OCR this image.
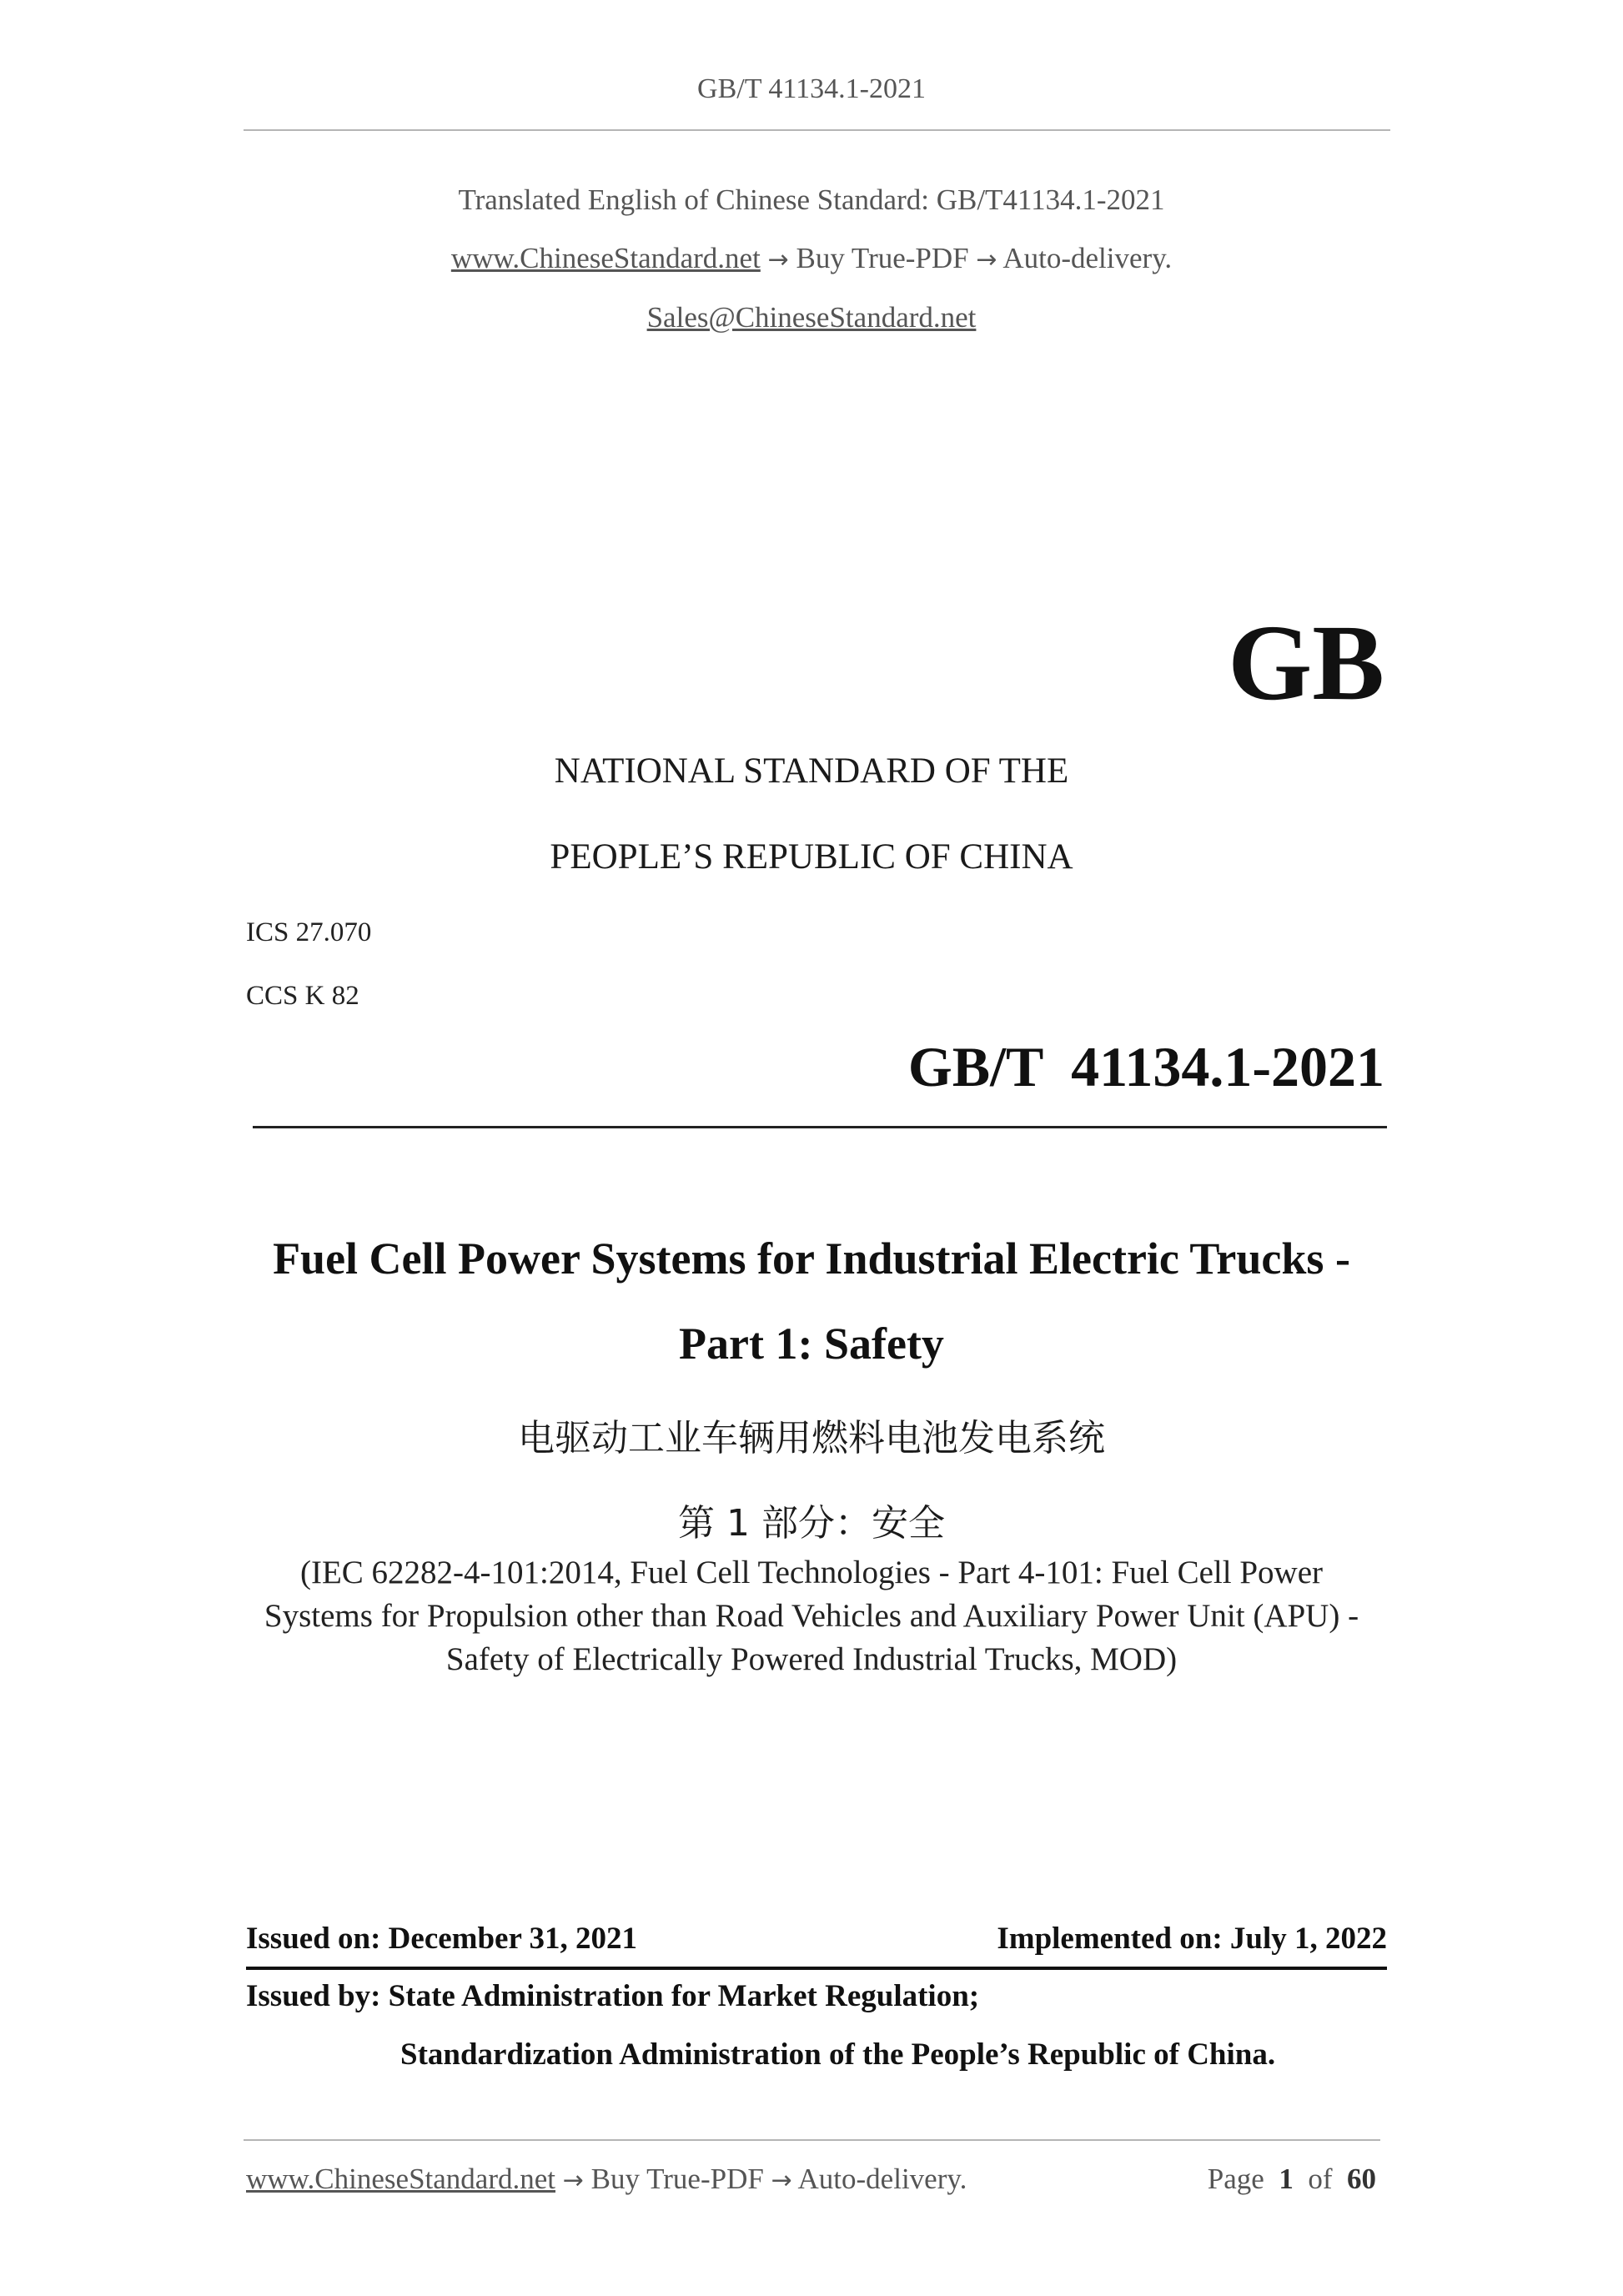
GB/T 41134.1-2021
Translated English of Chinese Standard: GB/T41134.1-2021
www.ChineseStandard.net → Buy True-PDF → Auto-delivery.
Sales@ChineseStandard.net
GB
NATIONAL STANDARD OF THE
PEOPLE’S REPUBLIC OF CHINA
ICS 27.070
CCS K 82
GB/T  41134.1-2021
Fuel Cell Power Systems for Industrial Electric Trucks -
Part 1: Safety
电驱动工业车辆用燃料电池发电系统
第 1 部分：安全
(IEC 62282-4-101:2014, Fuel Cell Technologies - Part 4-101: Fuel Cell Power
Systems for Propulsion other than Road Vehicles and Auxiliary Power Unit (APU) -
Safety of Electrically Powered Industrial Trucks, MOD)
Issued on: December 31, 2021	Implemented on: July 1, 2022
Issued by: State Administration for Market Regulation;
Standardization Administration of the People’s Republic of China.
www.ChineseStandard.net → Buy True-PDF → Auto-delivery.	Page 1 of 60
